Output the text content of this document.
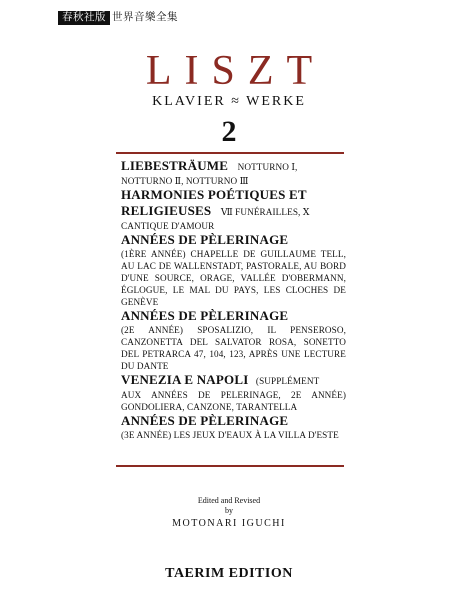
春秋社版 世界音樂全集
LISZT
KLAVIER ≈ WERKE
2
LIEBESTRÄUME NOTTURNO Ⅰ,
NOTTURNO Ⅱ, NOTTURNO Ⅲ
HARMONIES POÉTIQUES ET RELIGIEUSES Ⅶ FUNÉRAILLES, Ⅹ
CANTIQUE D'AMOUR
ANNÉES DE PÈLERINAGE
(1ÈRE ANNÉE) CHAPELLE DE GUILLAUME TELL, AU LAC DE WALLENSTADT, PASTORALE, AU BORD D'UNE SOURCE, ORAGE, VALLÉE D'OBERMANN, ÉGLOGUE, LE MAL DU PAYS, LES CLOCHES DE GENÈVE
ANNÉES DE PÈLERINAGE
(2E ANNÉE) SPOSALIZIO, IL PENSEROSO, CANZONETTA DEL SALVATOR ROSA, SONETTO DEL PETRARCA 47, 104, 123, APRÈS UNE LECTURE DU DANTE
VENEZIA E NAPOLI (SUPPLÉMENT
AUX ANNÉES DE PELERINAGE, 2E ANNÉE) GONDOLIERA, CANZONE, TARANTELLA
ANNÉES DE PÈLERINAGE
(3E ANNÉE) LES JEUX D'EAUX À LA VILLA D'ESTE
Edited and Revised
by
MOTONARI IGUCHI
TAERIM EDITION
